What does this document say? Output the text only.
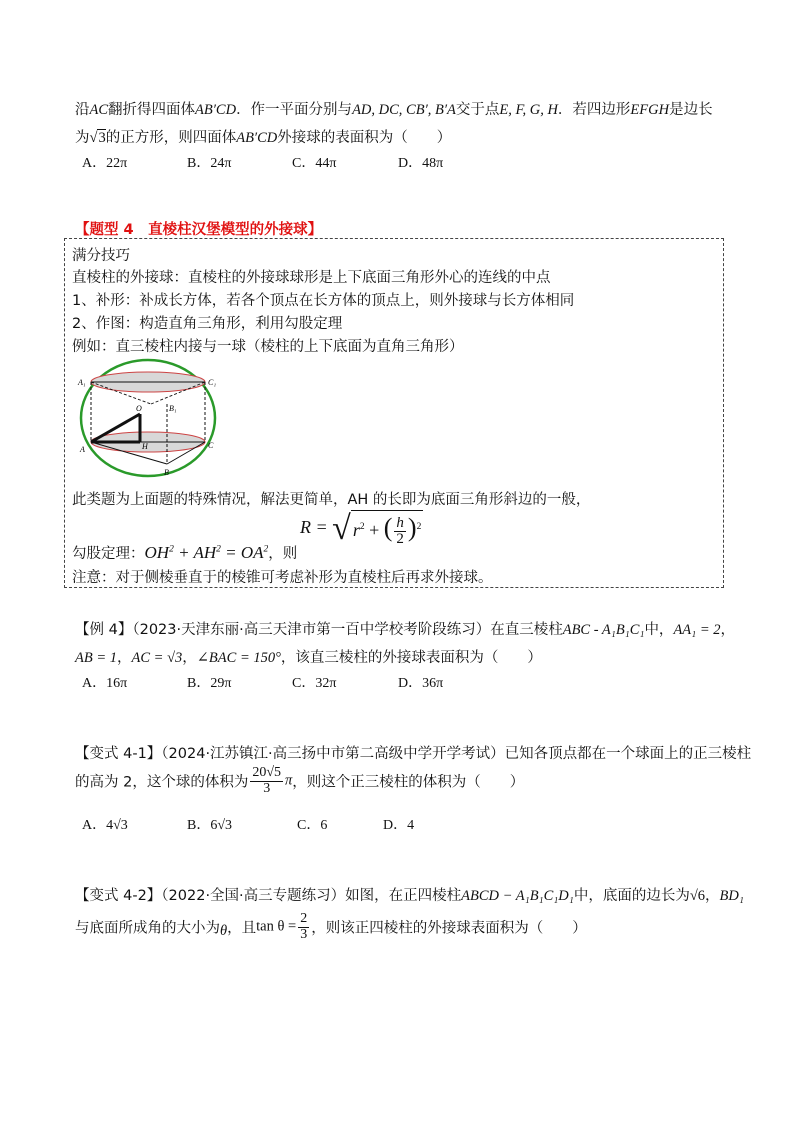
沿AC翻折得四面体AB′CD．作一平面分别与AD, DC, CB′, B′A交于点E, F, G, H．若四边形EFGH是边长
为√3的正方形，则四面体AB′CD外接球的表面积为（　　）
A．22π	B．24π	C．44π	D．48π
【题型 4　直棱柱汉堡模型的外接球】
满分技巧
直棱柱的外接球：直棱柱的外接球球形是上下底面三角形外心的连线的中点
1、补形：补成长方体，若各个顶点在长方体的顶点上，则外接球与长方体相同
2、作图：构造直角三角形，利用勾股定理
例如：直三棱柱内接与一球（棱柱的上下底面为直角三角形）
A₁	C₁
B₁
O
A	H	C
B
此类题为上面题的特殊情况，解法更简单，AH 的长即为底面三角形斜边的一般，
R = √ $r^2$ + ( $\frac{h}{2} )^2$
勾股定理：$OH^2 + AH^2 = OA^2$，则
注意：对于侧棱垂直于的棱锥可考虑补形为直棱柱后再求外接球。
【例 4】（2023·天津东丽·高三天津市第一百中学校考阶段练习）在直三棱柱ABC - A₁B₁C₁中，AA₁ = 2，
AB = 1，AC = √3，∠BAC = 150°，该直三棱柱的外接球表面积为（　　）
A．16π	B．29π	C．32π	D．36π
【变式 4-1】（2024·江苏镇江·高三扬中市第二高级中学开学考试）已知各顶点都在一个球面上的正三棱柱
的高为 2，这个球的体积为 $\frac{20√5}{3}$ π，则这个正三棱柱的体积为（　　）
A．4√3	B．6√3	C．6	D．4
【变式 4-2】（2022·全国·高三专题练习）如图，在正四棱柱ABCD − A₁B₁C₁D₁中，底面的边长为√6，BD₁
与底面所成角的大小为θ，且$\tan \theta = \frac{2}{3}$ ，则该正四棱柱的外接球表面积为（　　）
